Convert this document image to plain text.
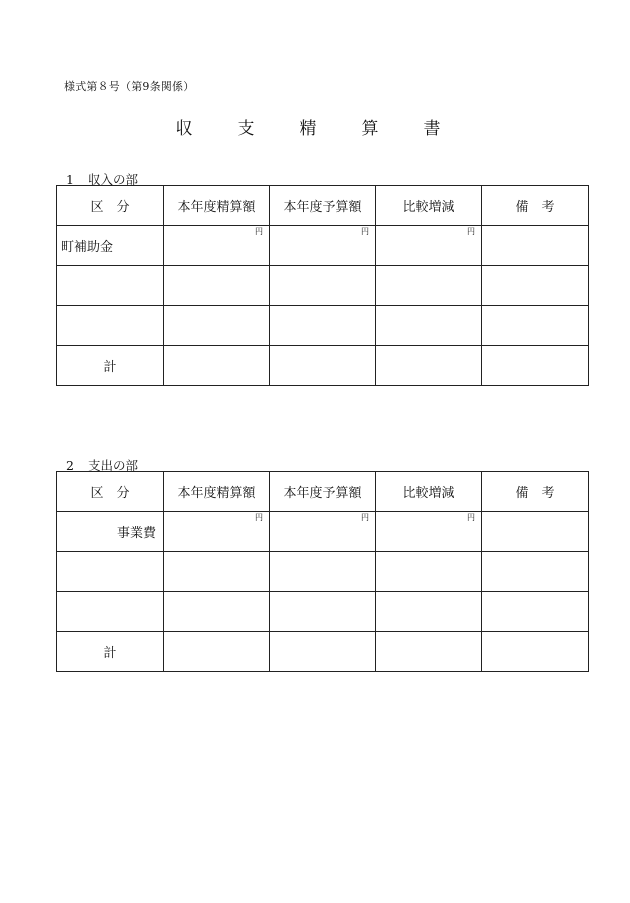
様式第８号（第9条関係）
収　支　精　算　書
1 収入の部
区　分	本年度精算額	本年度予算額	比較増減	備　考
町補助金	円	円	円	

計				
2 支出の部
区　分	本年度精算額	本年度予算額	比較増減	備　考
事業費	円	円	円	

計				
